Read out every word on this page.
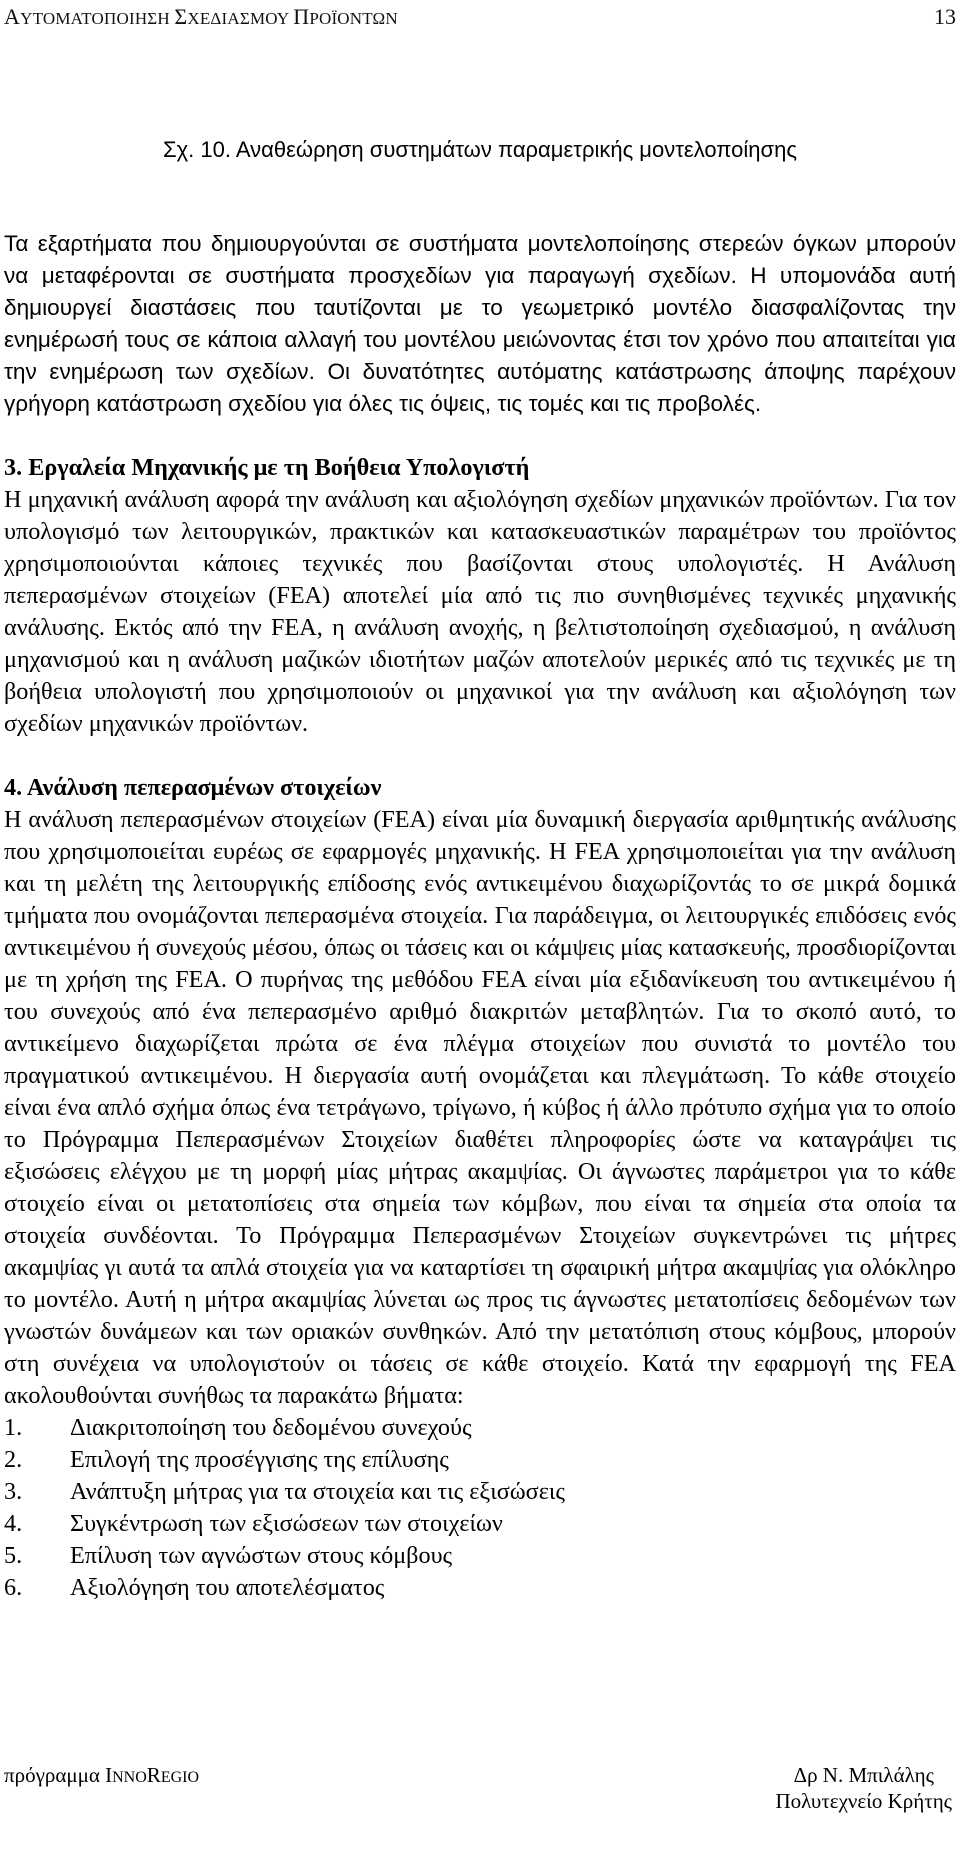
ΑΥΤΟΜΑΤΟΠΟΙΗΣΗ ΣΧΕΔΙΑΣΜΟΥ ΠΡΟΪΟΝΤΩΝ	13
Σχ. 10. Αναθεώρηση συστημάτων παραμετρικής μοντελοποίησης

Τα εξαρτήματα που δημιουργούνται σε συστήματα μοντελοποίησης στερεών όγκων μπορούν να μεταφέρονται σε συστήματα προσχεδίων για παραγωγή σχεδίων. Η υπομονάδα αυτή δημιουργεί διαστάσεις που ταυτίζονται με το γεωμετρικό μοντέλο διασφαλίζοντας την ενημέρωσή τους σε κάποια αλλαγή του μοντέλου μειώνοντας έτσι τον χρόνο που απαιτείται για την ενημέρωση των σχεδίων. Οι δυνατότητες αυτόματης κατάστρωσης άποψης παρέχουν γρήγορη κατάστρωση σχεδίου για όλες τις όψεις, τις τομές και τις προβολές.

3. Εργαλεία Μηχανικής με τη Βοήθεια Υπολογιστή

Η μηχανική ανάλυση αφορά την ανάλυση και αξιολόγηση σχεδίων μηχανικών προϊόντων. Για τον υπολογισμό των λειτουργικών, πρακτικών και κατασκευαστικών παραμέτρων του προϊόντος χρησιμοποιούνται κάποιες τεχνικές που βασίζονται στους υπολογιστές. Η Ανάλυση πεπερασμένων στοιχείων (FEA) αποτελεί μία από τις πιο συνηθισμένες τεχνικές μηχανικής ανάλυσης. Εκτός από την FEA, η ανάλυση ανοχής, η βελτιστοποίηση σχεδιασμού, η ανάλυση μηχανισμού και η ανάλυση μαζικών ιδιοτήτων μαζών αποτελούν μερικές από τις τεχνικές με τη βοήθεια υπολογιστή που χρησιμοποιούν οι μηχανικοί για την ανάλυση και αξιολόγηση των σχεδίων μηχανικών προϊόντων.

4. Ανάλυση πεπερασμένων στοιχείων

Η ανάλυση πεπερασμένων στοιχείων (FEA) είναι μία δυναμική διεργασία αριθμητικής ανάλυσης που χρησιμοποιείται ευρέως σε εφαρμογές μηχανικής. Η FEA χρησιμοποιείται για την ανάλυση και τη μελέτη της λειτουργικής επίδοσης ενός αντικειμένου διαχωρίζοντάς το σε μικρά δομικά τμήματα που ονομάζονται πεπερασμένα στοιχεία. Για παράδειγμα, οι λειτουργικές επιδόσεις ενός αντικειμένου ή συνεχούς μέσου, όπως οι τάσεις και οι κάμψεις μίας κατασκευής, προσδιορίζονται με τη χρήση της FEA. Ο πυρήνας της μεθόδου FEA είναι μία εξιδανίκευση του αντικειμένου ή του συνεχούς από ένα πεπερασμένο αριθμό διακριτών μεταβλητών. Για το σκοπό αυτό, το αντικείμενο διαχωρίζεται πρώτα σε ένα πλέγμα στοιχείων που συνιστά το μοντέλο του πραγματικού αντικειμένου. Η διεργασία αυτή ονομάζεται και πλεγμάτωση. Το κάθε στοιχείο είναι ένα απλό σχήμα όπως ένα τετράγωνο, τρίγωνο, ή κύβος ή άλλο πρότυπο σχήμα για το οποίο το Πρόγραμμα Πεπερασμένων Στοιχείων διαθέτει πληροφορίες ώστε να καταγράψει τις εξισώσεις ελέγχου με τη μορφή μίας μήτρας ακαμψίας. Οι άγνωστες παράμετροι για το κάθε στοιχείο είναι οι μετατοπίσεις στα σημεία των κόμβων, που είναι τα σημεία στα οποία τα στοιχεία συνδέονται. Το Πρόγραμμα Πεπερασμένων Στοιχείων συγκεντρώνει τις μήτρες ακαμψίας γι αυτά τα απλά στοιχεία για να καταρτίσει τη σφαιρική μήτρα ακαμψίας για ολόκληρο το μοντέλο. Αυτή η μήτρα ακαμψίας λύνεται ως προς τις άγνωστες μετατοπίσεις δεδομένων των γνωστών δυνάμεων και των οριακών συνθηκών. Από την μετατόπιση στους κόμβους, μπορούν στη συνέχεια να υπολογιστούν οι τάσεις σε κάθε στοιχείο. Κατά την εφαρμογή της FEA ακολουθούνται συνήθως τα παρακάτω βήματα:

1.	Διακριτοποίηση του δεδομένου συνεχούς
2.	Επιλογή της προσέγγισης της επίλυσης
3.	Ανάπτυξη μήτρας για τα στοιχεία και τις εξισώσεις
4.	Συγκέντρωση των εξισώσεων των στοιχείων
5.	Επίλυση των αγνώστων στους κόμβους
6.	Αξιολόγηση του αποτελέσματος
πρόγραμμα INNOREGIO	Δρ Ν. Μπιλάλης
Πολυτεχνείο Κρήτης
